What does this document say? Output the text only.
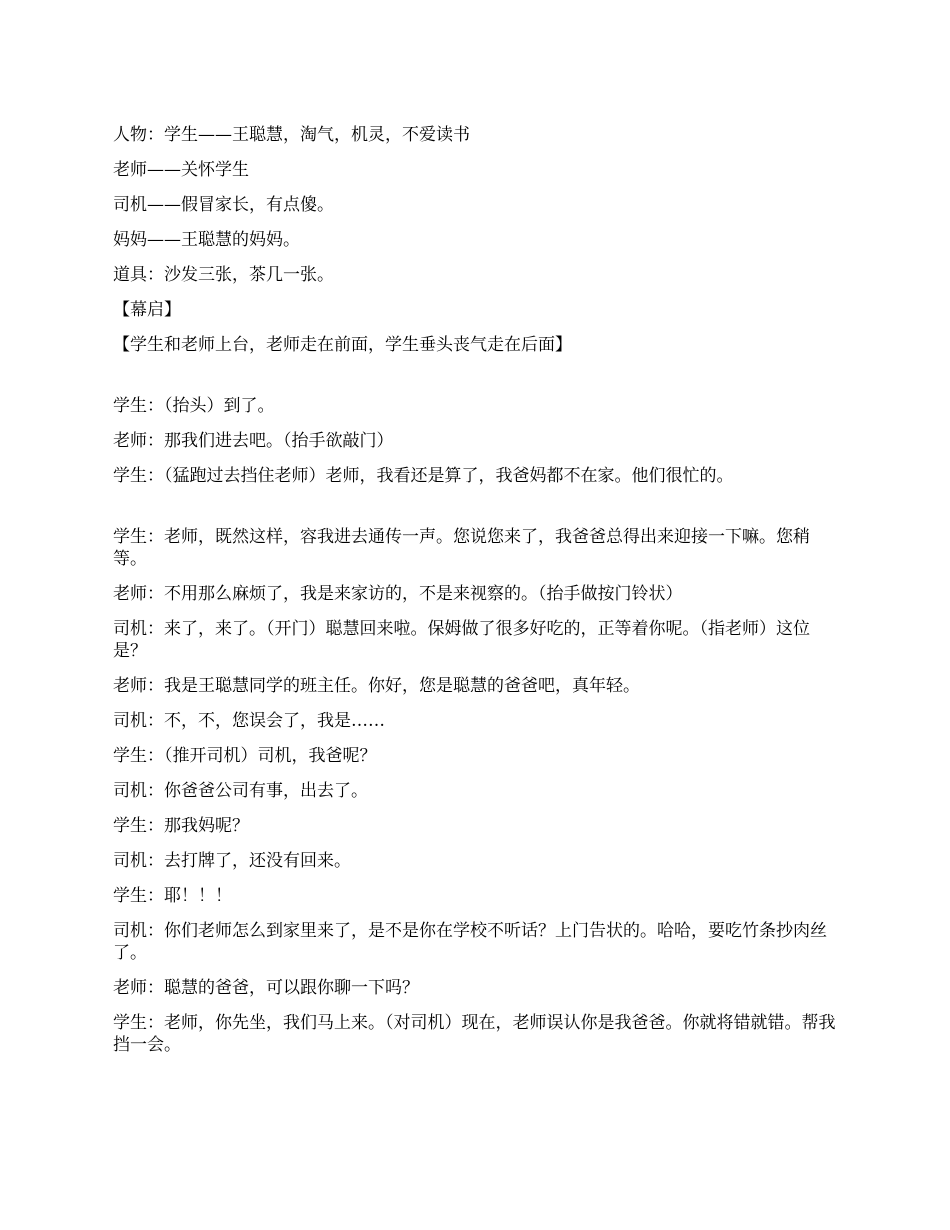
人物：学生——王聪慧，淘气，机灵，不爱读书

老师——关怀学生

司机——假冒家长，有点傻。

妈妈——王聪慧的妈妈。

道具：沙发三张，茶几一张。

【幕启】

【学生和老师上台，老师走在前面，学生垂头丧气走在后面】

学生：（抬头）到了。

老师：那我们进去吧。（抬手欲敲门）

学生：（猛跑过去挡住老师）老师，我看还是算了，我爸妈都不在家。他们很忙的。

学生：老师，既然这样，容我进去通传一声。您说您来了，我爸爸总得出来迎接一下嘛。您稍等。

老师：不用那么麻烦了，我是来家访的，不是来视察的。（抬手做按门铃状）

司机：来了，来了。（开门）聪慧回来啦。保姆做了很多好吃的，正等着你呢。（指老师）这位是？

老师：我是王聪慧同学的班主任。你好，您是聪慧的爸爸吧，真年轻。

司机：不，不，您误会了，我是……

学生：（推开司机）司机，我爸呢？

司机：你爸爸公司有事，出去了。

学生：那我妈呢？

司机：去打牌了，还没有回来。

学生：耶！！！

司机：你们老师怎么到家里来了，是不是你在学校不听话？上门告状的。哈哈，要吃竹条抄肉丝了。

老师：聪慧的爸爸，可以跟你聊一下吗？

学生：老师，你先坐，我们马上来。（对司机）现在，老师误认你是我爸爸。你就将错就错。帮我挡一会。
